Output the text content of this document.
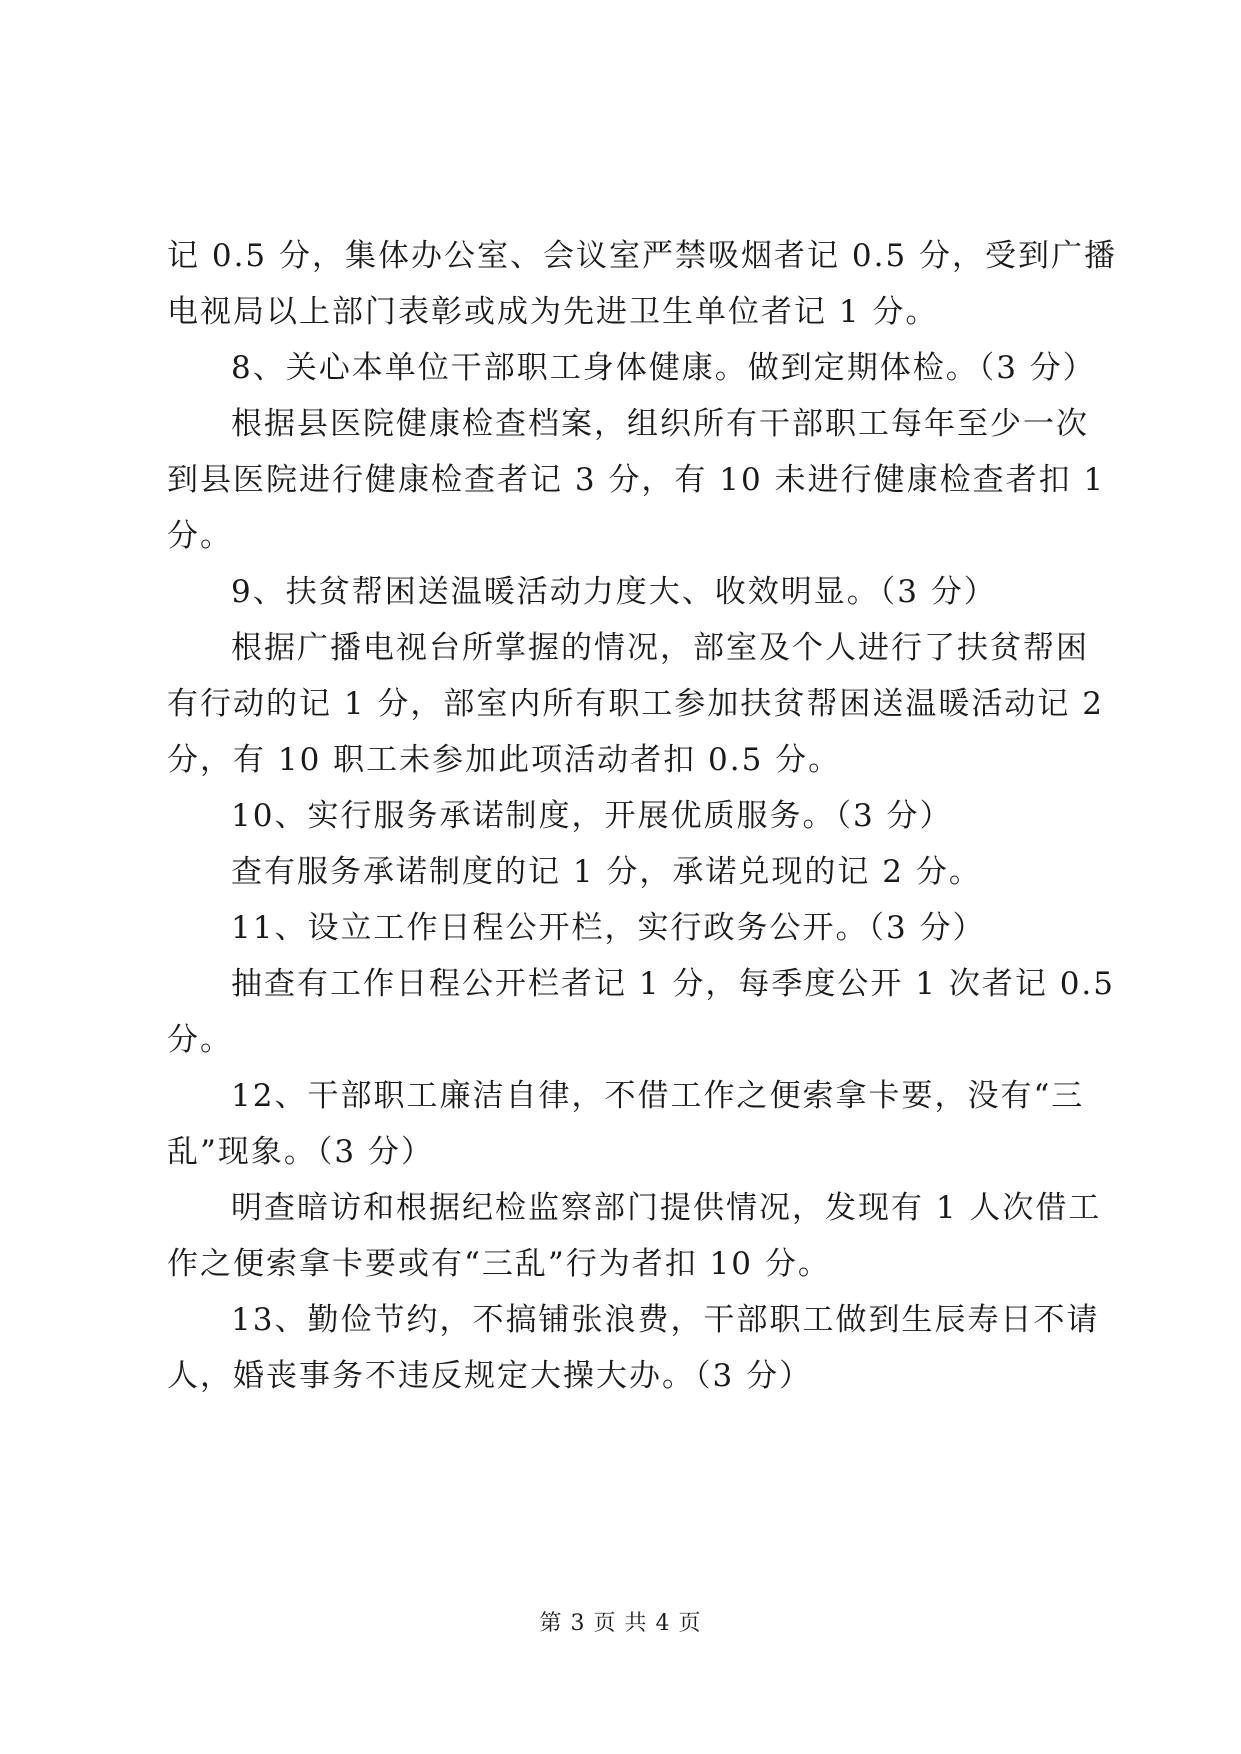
记 0.5 分，集体办公室、会议室严禁吸烟者记 0.5 分，受到广播
电视局以上部门表彰或成为先进卫生单位者记 1 分。
8、关心本单位干部职工身体健康。做到定期体检。（3 分）
根据县医院健康检查档案，组织所有干部职工每年至少一次
到县医院进行健康检查者记 3 分，有 10 未进行健康检查者扣 1
分。
9、扶贫帮困送温暖活动力度大、收效明显。（3 分）
根据广播电视台所掌握的情况，部室及个人进行了扶贫帮困
有行动的记 1 分，部室内所有职工参加扶贫帮困送温暖活动记 2
分，有 10 职工未参加此项活动者扣 0.5 分。
10、实行服务承诺制度，开展优质服务。（3 分）
查有服务承诺制度的记 1 分，承诺兑现的记 2 分。
11、设立工作日程公开栏，实行政务公开。（3 分）
抽查有工作日程公开栏者记 1 分，每季度公开 1 次者记 0.5
分。
12、干部职工廉洁自律，不借工作之便索拿卡要，没有“三
乱”现象。（3 分）
明查暗访和根据纪检监察部门提供情况，发现有 1 人次借工
作之便索拿卡要或有“三乱”行为者扣 10 分。
13、勤俭节约，不搞铺张浪费，干部职工做到生辰寿日不请
人，婚丧事务不违反规定大操大办。（3 分）
第 3 页 共 4 页
